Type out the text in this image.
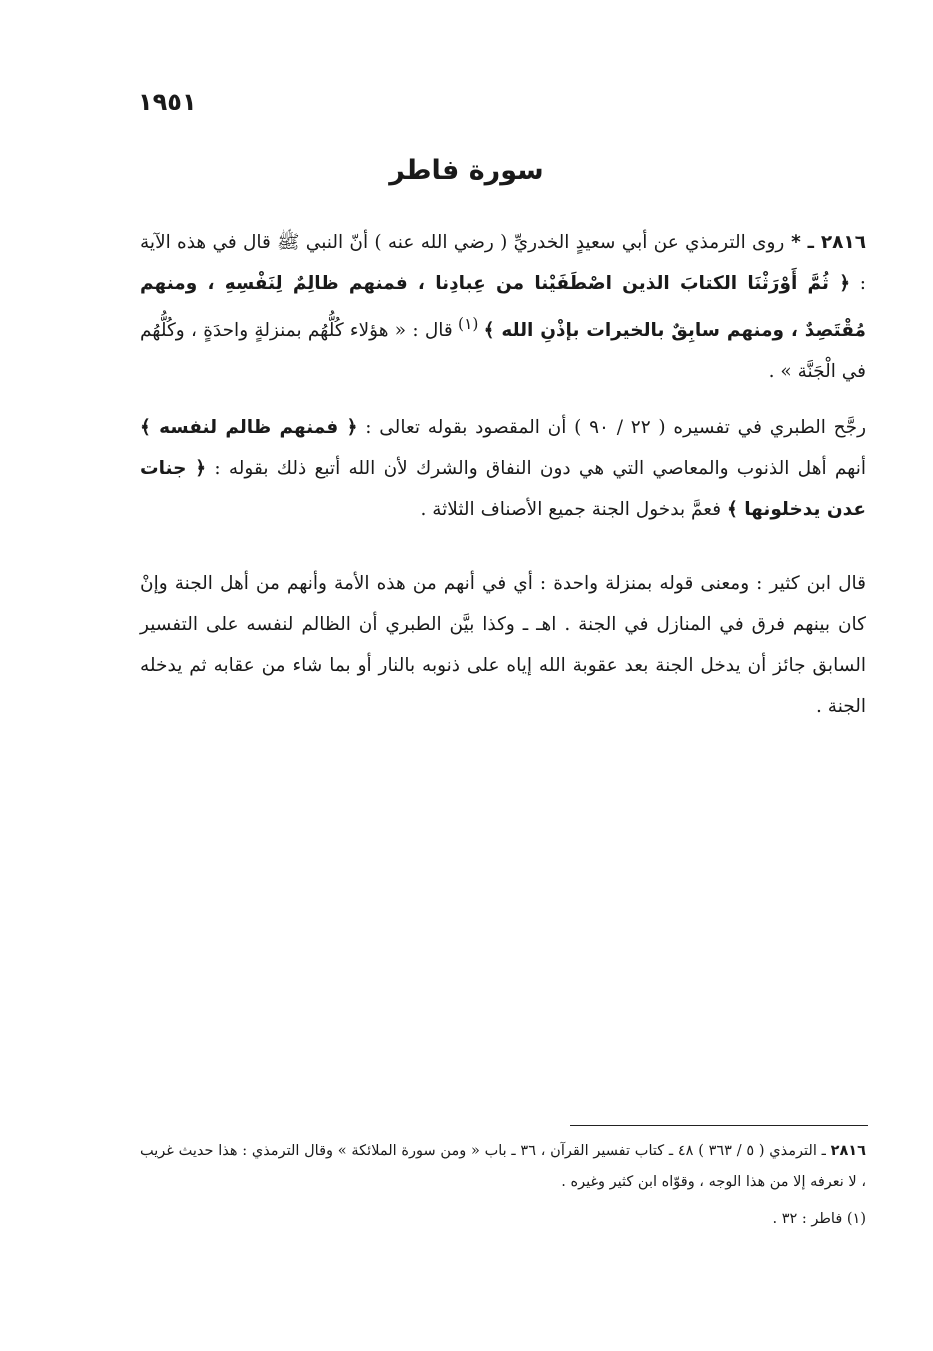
١٩٥١
سورة فاطر

٢٨١٦ ـ * روى الترمذي عن أبي سعيدٍ الخدريِّ ( رضي الله عنه ) أنّ النبي ﷺ قال في هذه الآية : ﴿ ثُمَّ أَوْرَثْنَا الكتابَ الذين اصْطَفَيْنا من عِبادِنا ، فمنهم ظالِمٌ لِنَفْسِهِ ، ومنهم مُقْتَصِدٌ ، ومنهم سابِقٌ بالخيرات بإذْنِ الله ﴾ $^{(١)}$ قال : « هؤلاء كُلُّهُم بمنزلةٍ واحدَةٍ ، وكُلُّهُم في الْجَنَّة » .

رجَّح الطبري في تفسيره ( ٢٢ / ٩٠ ) أن المقصود بقوله تعالى : ﴿ فمنهم ظالم لنفسه ﴾ أنهم أهل الذنوب والمعاصي التي هي دون النفاق والشرك لأن الله أتبع ذلك بقوله : ﴿ جنات عدن يدخلونها ﴾ فعمَّ بدخول الجنة جميع الأصناف الثلاثة .

قال ابن كثير : ومعنى قوله بمنزلة واحدة : أي في أنهم من هذه الأمة وأنهم من أهل الجنة وإنْ كان بينهم فرق في المنازل في الجنة . اهـ ـ وكذا بيَّن الطبري أن الظالم لنفسه على التفسير السابق جائز أن يدخل الجنة بعد عقوبة الله إياه على ذنوبه بالنار أو بما شاء من عقابه ثم يدخله الجنة .

٢٨١٦ ـ الترمذي ( ٥ / ٣٦٣ ) ٤٨ ـ كتاب تفسير القرآن ، ٣٦ ـ باب « ومن سورة الملائكة » وقال الترمذي : هذا حديث غريب ، لا نعرفه إلا من هذا الوجه ، وقوّاه ابن كثير وغيره .

(١) فاطر : ٣٢ .
